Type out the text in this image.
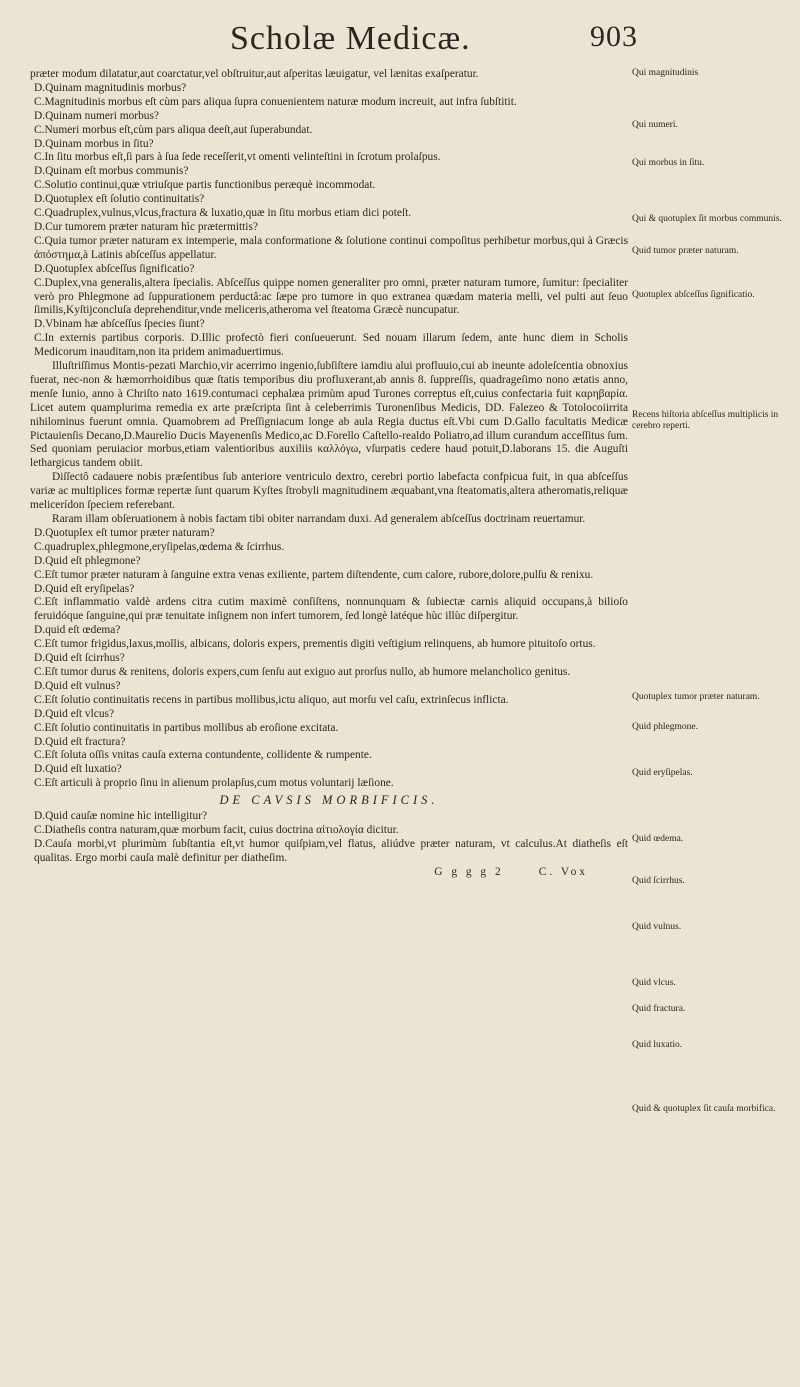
Scholæ Medicæ.	903

præter modum dilatatur,aut coarctatur,vel obſtruitur,aut aſperitas læuigatur, vel lænitas exaſperatur.

D.Quinam magnitudinis morbus?

C.Magnitudinis morbus eſt cùm pars aliqua ſupra conuenientem naturæ modum increuit, aut infra ſubſtitit.

D.Quinam numeri morbus?

C.Numeri morbus eſt,cùm pars aliqua deeſt,aut ſuperabundat.

D.Quinam morbus in ſitu?

C.In ſitu morbus eſt,ſi pars à ſua ſede receſſerit,vt omenti velinteſtini in ſcrotum prolaſpus.

D.Quinam eſt morbus communis?

C.Solutio continui,quæ vtriuſque partis functionibus peræquè incommodat.

D.Quotuplex eſt ſolutio continuitatis?

C.Quadruplex,vulnus,vlcus,fractura & luxatio,quæ in ſitu morbus etiam dici poteſt.

D.Cur tumorem præter naturam hìc prætermittis?

C.Quia tumor præter naturam ex intemperie, mala conformatione & ſolutione continui compoſitus perhibetur morbus,qui à Græcis ἀπόστημα,à Latinis abſceſſus appellatur.

D.Quotuplex abſceſſus ſignificatio?

C.Duplex,vna generalis,altera ſpecialis. Abſceſſus quippe nomen generaliter pro omni, præter naturam tumore, ſumitur: ſpecialiter verò pro Phlegmone ad ſuppurationem perductâ:ac ſæpe pro tumore in quo extranea quædam materia melli, vel pulti aut ſeuo ſimilis,Kyſtijconcluſa deprehenditur,vnde meliceris,atheroma vel ſteatoma Græcè nuncupatur.

D.Vbinam hæ abſceſſus ſpecies ſiunt?

C.In externis partibus corporis. D.Illic profectò fieri conſueuerunt. Sed nouam illarum ſedem, ante hunc diem in Scholis Medicorum inauditam,non ita pridem animaduertimus.

Illuſtriſſimus Montis-pezati Marchio,vir acerrimo ingenio,ſubſiſtere iamdiu alui profluuio,cui ab ineunte adoleſcentia obnoxius fuerat, nec-non & hæmorrhoidibus quæ ſtatis temporibus diu profluxerant,ab annis 8. ſuppreſſis, quadrageſimo nono ætatis anno, menſe Iunio, anno à Chriſto nato 1619.contumaci cephalæa primùm apud Turones correptus eſt,cuius confectaria fuit καρηβαρία. Licet autem quamplurima remedia ex arte præſcripta ſint à celeberrimis Turonenſibus Medicis, DD. Falezeo & Totolocoiirrita nihilominus fuerunt omnia. Quamobrem ad Preſſigniacum longe ab aula Regia ductus eſt.Vbi cum D.Gallo facultatis Medicæ Pictauienſis Decano,D.Maurelio Ducis Mayenenſis Medico,ac D.Forello Caſtello-realdo Poliatro,ad illum curandum acceſſitus ſum. Sed quoniam peruiacior morbus,etiam valentioribus auxiliis καλλόγω, vſurpatis cedere haud potuit,D.laborans 15. die Auguſti lethargicus tandem obiit.

Diſſectô cadauere nobis præſentibus ſub anteriore ventriculo dextro, cerebri portio labefacta confpicua fuit, in qua abſceſſus variæ ac multiplices formæ repertæ ſunt quarum Kyſtes ſtrobyli magnitudinem æquabant,vna ſteatomatis,altera atheromatis,reliquæ melicerídon ſpeciem referebant.

Raram illam obſeruationem à nobis factam tibi obiter narrandam duxi. Ad generalem abſceſſus doctrinam reuertamur.

D.Quotuplex eſt tumor præter naturam?

C.quadruplex,phlegmone,eryſipelas,œdema & ſcirrhus.

D.Quid eſt phlegmone?

C.Eſt tumor præter naturam à ſanguine extra venas exiliente, partem diſtendente, cum calore, rubore,dolore,pulſu & renixu.

D.Quid eſt eryſipelas?

C.Eſt inflammatio valdè ardens citra cutim maximè conſiſtens, nonnunquam & ſubiectæ carnis aliquid occupans,à bilioſo feruidóque ſanguine,qui præ tenuitate inſignem non infert tumorem, ſed longè latéque hùc illùc diſpergitur.

D.quid eſt œdema?

C.Eſt tumor frigidus,laxus,mollis, albicans, doloris expers, prementis digiti veſtigium relinquens, ab humore pituitoſo ortus.

D.Quid eſt ſcirrhus?

C.Eſt tumor durus & renitens, doloris expers,cum ſenſu aut exiguo aut prorſus nullo, ab humore melancholico genitus.

D.Quid eſt vulnus?

C.Eſt ſolutio continuitatis recens in partibus mollibus,ictu aliquo, aut morſu vel caſu, extrinſecus inflicta.

D.Quid eſt vlcus?

C.Eſt ſolutio continuitatis in partibus mollibus ab eroſione excitata.

D.Quid eſt fractura?

C.Eſt ſoluta oſſis vnitas cauſa externa contundente, collidente & rumpente.

D.Quid eſt luxatio?

C.Eſt articuli à proprio ſinu in alienum prolapſus,cum motus voluntarij læſione.

DE CAVSIS MORBIFICIS.

D.Quid cauſæ nomine hìc intelligitur?

C.Diatheſis contra naturam,quæ morbum facit, cuius doctrina αἰτιολογία dicitur.

D.Cauſa morbi,vt plurimùm ſubſtantia eſt,vt humor quiſpiam,vel flatus, aliúdve præter naturam, vt calculus.At diatheſis eſt qualitas. Ergo morbi cauſa malè definitur per diatheſim.

G g g g 2	C. Vox

Qui magnitudinis
Qui numeri.
Qui morbus in ſitu.
Qui & quotuplex ſit morbus communis.
Quid tumor præter naturam.
Quotuplex abſceſſus ſignificatio.
Recens hiſtoria abſceſſus multiplicis in cerebro reperti.
Quotuplex tumor præter naturam.
Quid phlegmone.
Quid eryſipelas.
Quid œdema.
Quid ſcirrhus.
Quid vulnus.
Quid vlcus.
Quid fractura.
Quid luxatio.
Quid & quotuplex ſit cauſa morbifica.
